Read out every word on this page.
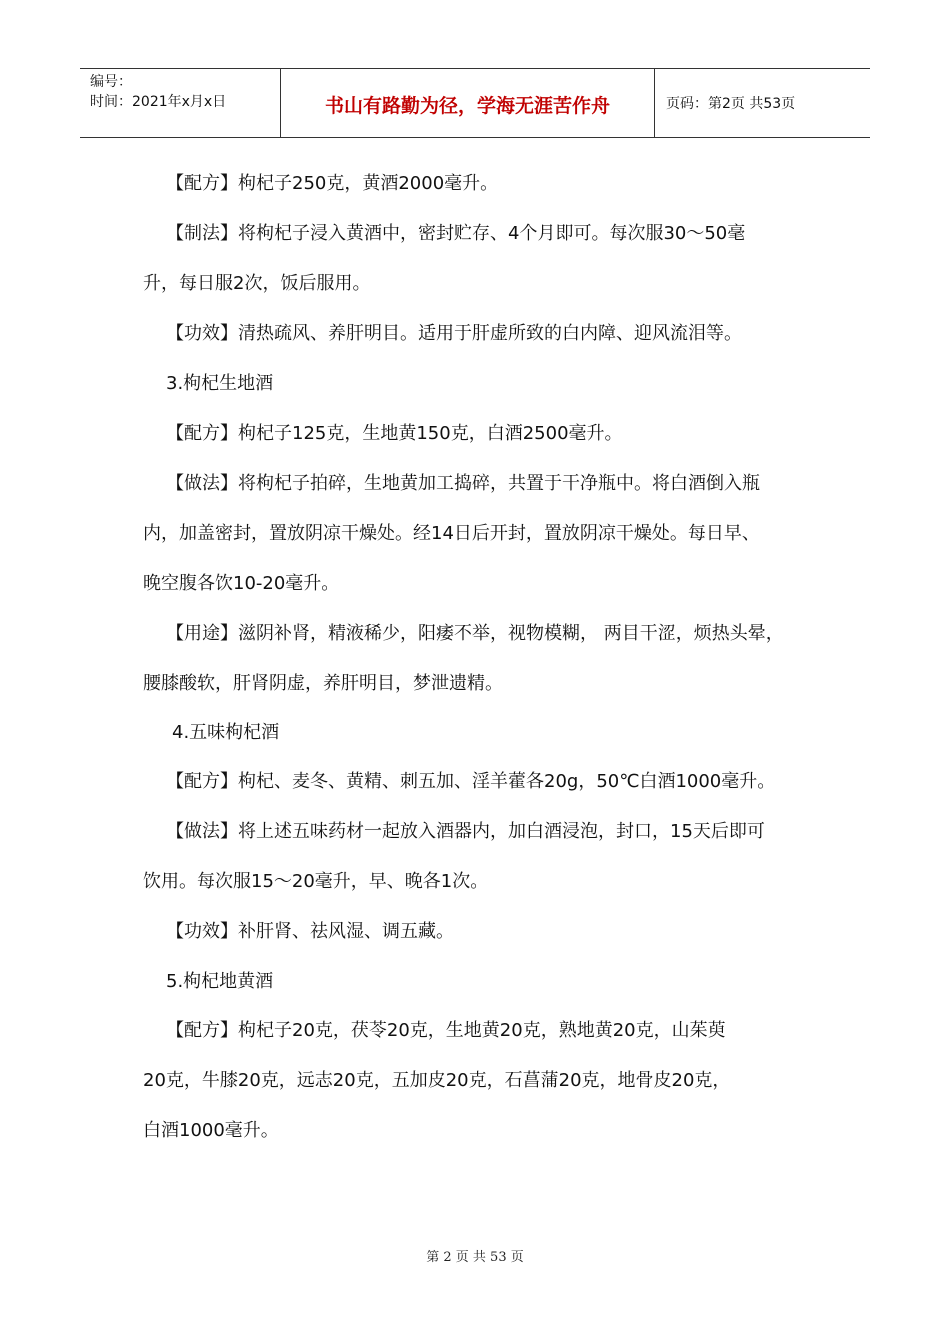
编号：
时间：2021年x月x日	书山有路勤为径，学海无涯苦作舟	页码：第2页 共53页
【配方】枸杞子250克，黄酒2000毫升。
【制法】将枸杞子浸入黄酒中，密封贮存、4个月即可。每次服30～50毫
升，每日服2次，饭后服用。
【功效】清热疏风、养肝明目。适用于肝虚所致的白内障、迎风流泪等。
3.枸杞生地酒
【配方】枸杞子125克，生地黄150克，白酒2500毫升。
【做法】将枸杞子拍碎，生地黄加工捣碎，共置于干净瓶中。将白酒倒入瓶
内，加盖密封，置放阴凉干燥处。经14日后开封，置放阴凉干燥处。每日早、
晚空腹各饮10-20毫升。
【用途】滋阴补肾，精液稀少，阳痿不举，视物模糊， 两目干涩，烦热头晕，
腰膝酸软，肝肾阴虚，养肝明目，梦泄遗精。
4.五味枸杞酒
【配方】枸杞、麦冬、黄精、刺五加、淫羊藿各20g，50℃白酒1000毫升。
【做法】将上述五味药材一起放入酒器内，加白酒浸泡，封口，15天后即可
饮用。每次服15～20毫升，早、晚各1次。
【功效】补肝肾、祛风湿、调五藏。
5.枸杞地黄酒
【配方】枸杞子20克，茯苓20克，生地黄20克，熟地黄20克，山茱萸
20克，牛膝20克，远志20克，五加皮20克，石菖蒲20克，地骨皮20克，
白酒1000毫升。
第 2 页 共 53 页
